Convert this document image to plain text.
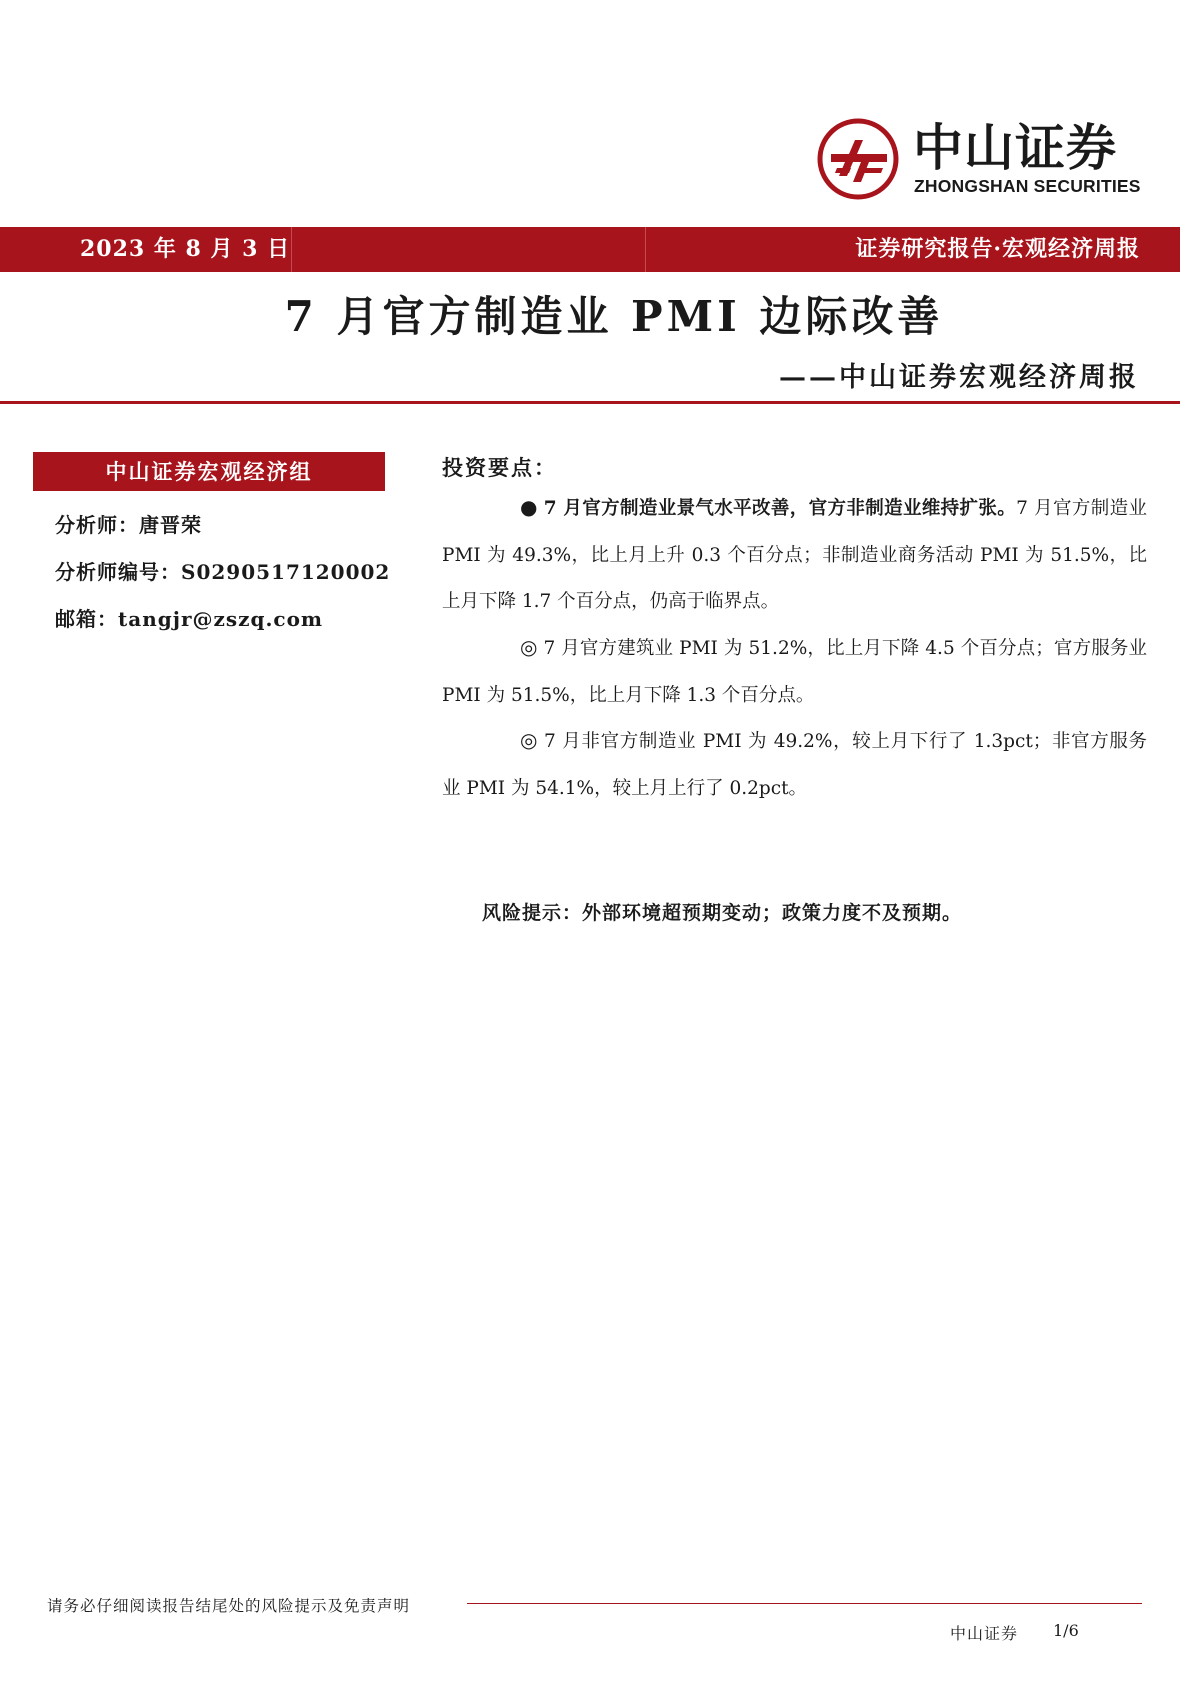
中山证券
ZHONGSHAN SECURITIES
2023 年 8 月 3 日	证券研究报告·宏观经济周报
7 月官方制造业 PMI 边际改善
——中山证券宏观经济周报
中山证券宏观经济组
分析师：唐晋荣
分析师编号：S0290517120002
邮箱：tangjr@zszq.com
投资要点：
● 7 月官方制造业景气水平改善，官方非制造业维持扩张。7 月官方制造业 PMI 为 49.3%，比上月上升 0.3 个百分点；非制造业商务活动 PMI 为 51.5%，比上月下降 1.7 个百分点，仍高于临界点。
◎ 7 月官方建筑业 PMI 为 51.2%，比上月下降 4.5 个百分点；官方服务业 PMI 为 51.5%，比上月下降 1.3 个百分点。
◎ 7 月非官方制造业 PMI 为 49.2%，较上月下行了 1.3pct；非官方服务业 PMI 为 54.1%，较上月上行了 0.2pct。
风险提示：外部环境超预期变动；政策力度不及预期。
请务必仔细阅读报告结尾处的风险提示及免责声明
中山证券 1/6
